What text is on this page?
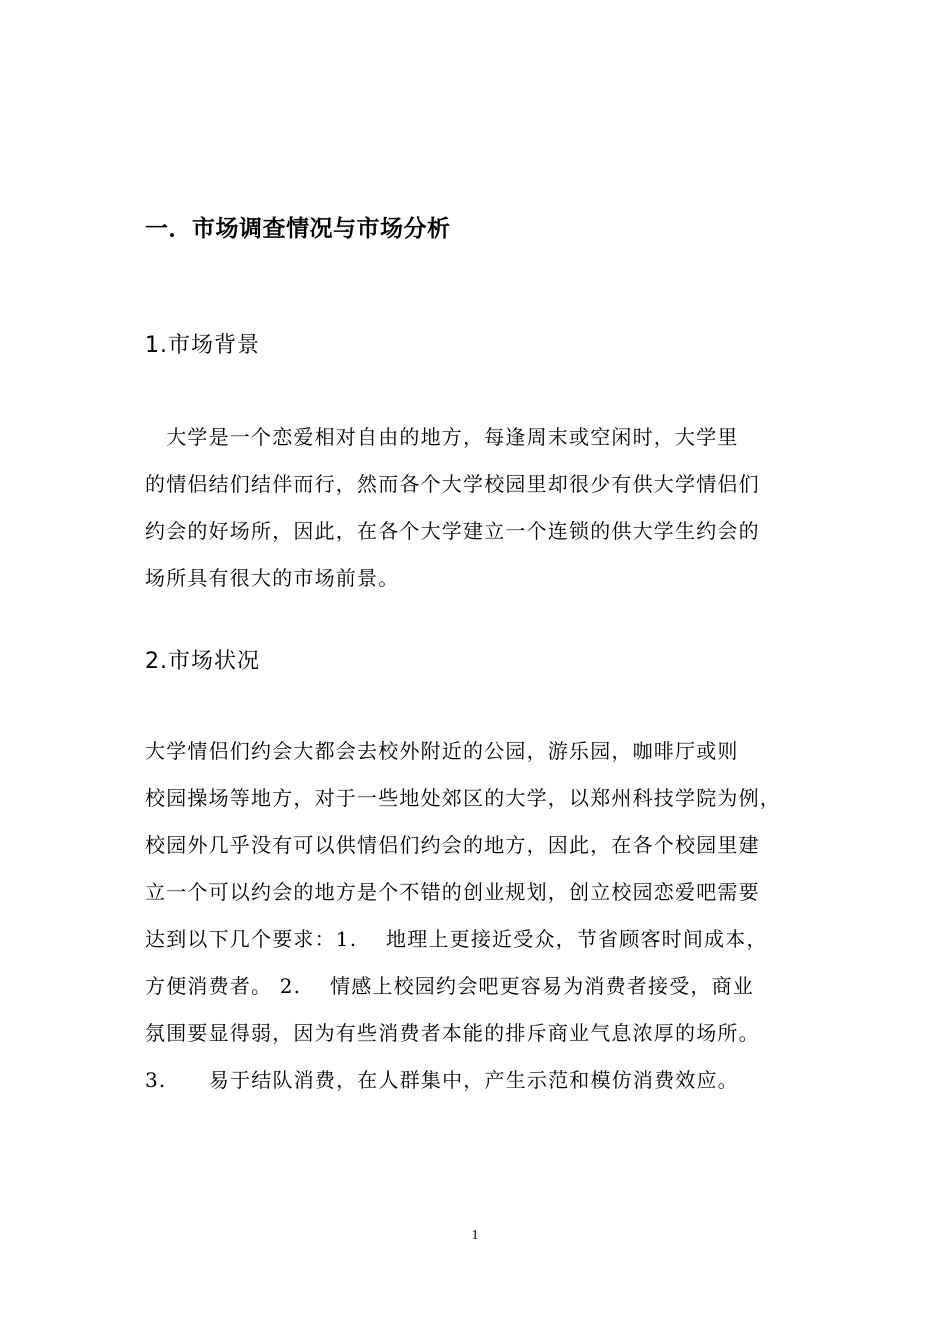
一．市场调查情况与市场分析
1.市场背景
　大学是一个恋爱相对自由的地方，每逢周末或空闲时，大学里
的情侣结们结伴而行，然而各个大学校园里却很少有供大学情侣们
约会的好场所，因此，在各个大学建立一个连锁的供大学生约会的
场所具有很大的市场前景。
2.市场状况
大学情侣们约会大都会去校外附近的公园，游乐园，咖啡厅或则
校园操场等地方，对于一些地处郊区的大学，以郑州科技学院为例，
校园外几乎没有可以供情侣们约会的地方，因此，在各个校园里建
立一个可以约会的地方是个不错的创业规划，创立校园恋爱吧需要
达到以下几个要求：1.　 地理上更接近受众，节省顾客时间成本，
方便消费者。 2.　 情感上校园约会吧更容易为消费者接受，商业
氛围要显得弱，因为有些消费者本能的排斥商业气息浓厚的场所。
3.　　易于结队消费，在人群集中，产生示范和模仿消费效应。
1
